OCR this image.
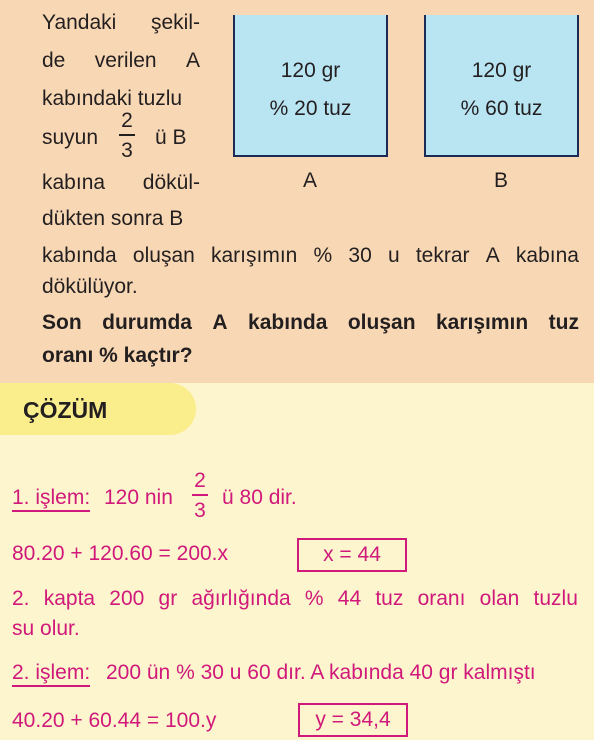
ÇÖZÜM
Yandaki şekil-
de verilen A
kabındaki tuzlu
suyun
2
3
ü B
kabına dökül-
dükten sonra B
kabında oluşan karışımın % 30 u tekrar A kabına
dökülüyor.
Son durumda A kabında oluşan karışımın tuz
oranı % kaçtır?
120 gr
% 20 tuz
A
120 gr
% 60 tuz
B
1. işlem: 120 nin
2
3
ü 80 dir.
80.20 + 120.60 = 200.x	x = 44
2. kapta 200 gr ağırlığında % 44 tuz oranı olan tuzlu
su olur.
2. işlem: 200 ün % 30 u 60 dır. A kabında 40 gr kalmıştı
40.20 + 60.44 = 100.y	y = 34,4
